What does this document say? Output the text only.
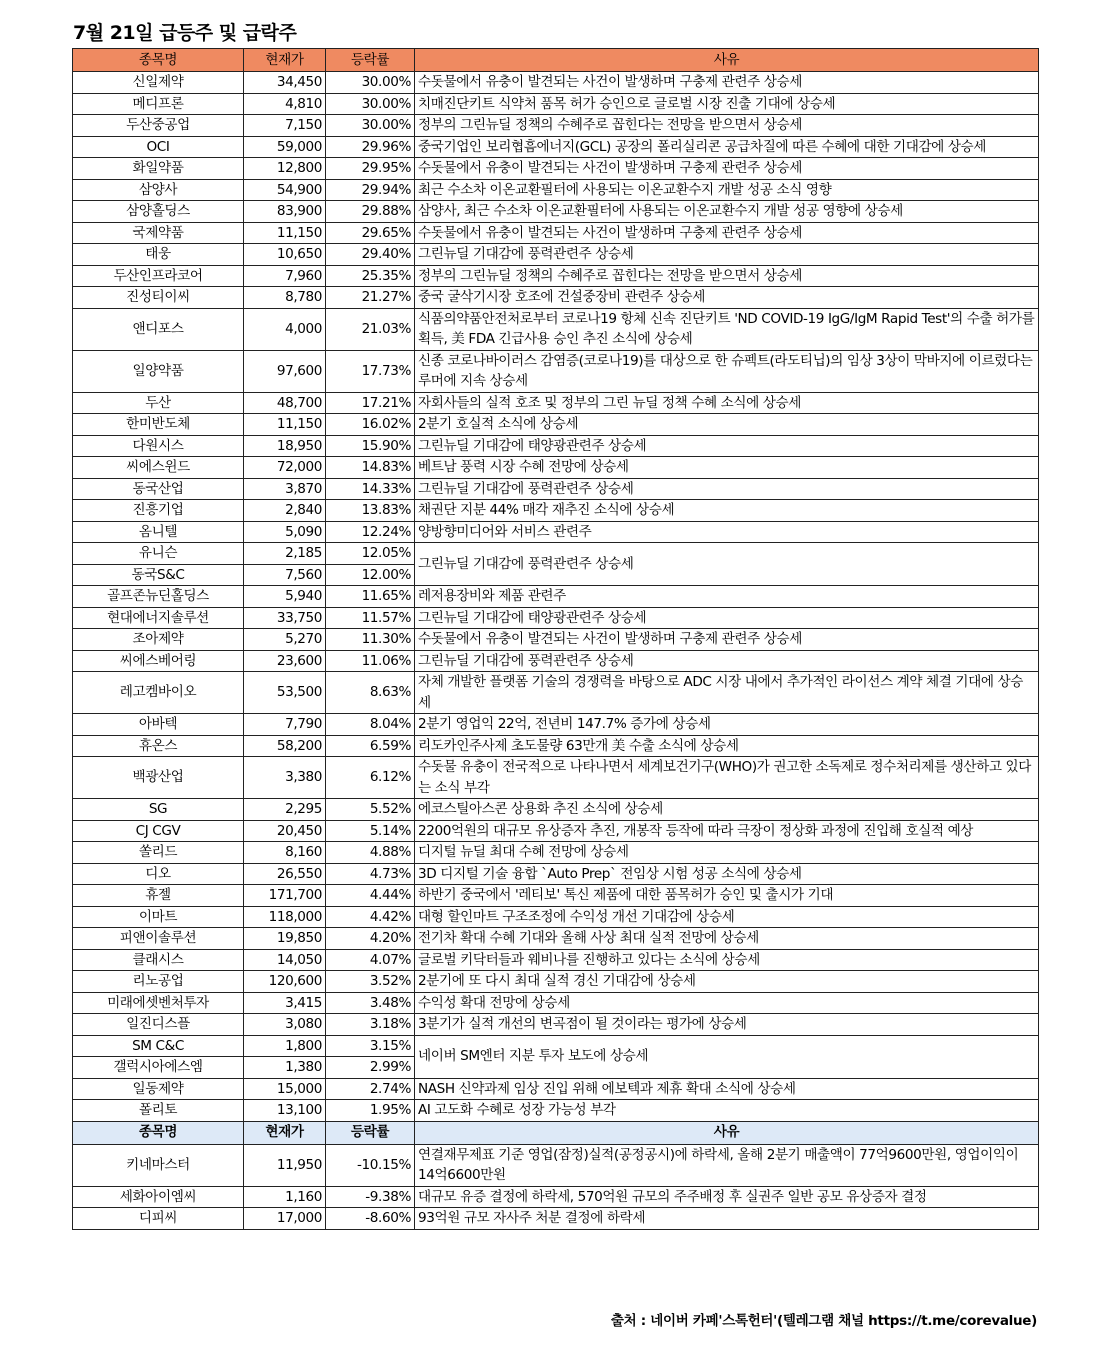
7월 21일 급등주 및 급락주
종목명	현재가	등락률	사유
신일제약	34,450	30.00%	수돗물에서 유충이 발견되는 사건이 발생하며 구충제 관련주 상승세
메디프론	4,810	30.00%	치매진단키트 식약처 품목 허가 승인으로 글로벌 시장 진출 기대에 상승세
두산중공업	7,150	30.00%	정부의 그린뉴딜 정책의 수혜주로 꼽힌다는 전망을 받으면서 상승세
OCI	59,000	29.96%	중국기업인 보리협흠에너지(GCL) 공장의 폴리실리콘 공급차질에 따른 수혜에 대한 기대감에 상승세
화일약품	12,800	29.95%	수돗물에서 유충이 발견되는 사건이 발생하며 구충제 관련주 상승세
삼양사	54,900	29.94%	최근 수소차 이온교환필터에 사용되는 이온교환수지 개발 성공 소식 영향
삼양홀딩스	83,900	29.88%	삼양사, 최근 수소차 이온교환필터에 사용되는 이온교환수지 개발 성공 영향에 상승세
국제약품	11,150	29.65%	수돗물에서 유충이 발견되는 사건이 발생하며 구충제 관련주 상승세
태웅	10,650	29.40%	그린뉴딜 기대감에 풍력관련주 상승세
두산인프라코어	7,960	25.35%	정부의 그린뉴딜 정책의 수혜주로 꼽힌다는 전망을 받으면서 상승세
진성티이씨	8,780	21.27%	중국 굴삭기시장 호조에 건설중장비 관련주 상승세
앤디포스	4,000	21.03%	식품의약품안전처로부터 코로나19 항체 신속 진단키트 'ND COVID-19 IgG/IgM Rapid Test'의 수출 허가를 획득, 美 FDA 긴급사용 승인 추진 소식에 상승세
일양약품	97,600	17.73%	신종 코로나바이러스 감염증(코로나19)를 대상으로 한 슈펙트(라도티닙)의 임상 3상이 막바지에 이르렀다는 루머에 지속 상승세
두산	48,700	17.21%	자회사들의 실적 호조 및 정부의 그린 뉴딜 정책 수혜 소식에 상승세
한미반도체	11,150	16.02%	2분기 호실적 소식에 상승세
다원시스	18,950	15.90%	그린뉴딜 기대감에 태양광관련주 상승세
씨에스윈드	72,000	14.83%	베트남 풍력 시장 수혜 전망에 상승세
동국산업	3,870	14.33%	그린뉴딜 기대감에 풍력관련주 상승세
진흥기업	2,840	13.83%	채권단 지분 44% 매각 재추진 소식에 상승세
옴니텔	5,090	12.24%	양방향미디어와 서비스 관련주
유니슨	2,185	12.05%	그린뉴딜 기대감에 풍력관련주 상승세
동국S&C	7,560	12.00%	
골프존뉴딘홀딩스	5,940	11.65%	레저용장비와 제품 관련주
현대에너지솔루션	33,750	11.57%	그린뉴딜 기대감에 태양광관련주 상승세
조아제약	5,270	11.30%	수돗물에서 유충이 발견되는 사건이 발생하며 구충제 관련주 상승세
씨에스베어링	23,600	11.06%	그린뉴딜 기대감에 풍력관련주 상승세
레고켐바이오	53,500	8.63%	자체 개발한 플랫폼 기술의 경쟁력을 바탕으로 ADC 시장 내에서 추가적인 라이선스 계약 체결 기대에 상승세
아바텍	7,790	8.04%	2분기 영업익 22억, 전년비 147.7% 증가에 상승세
휴온스	58,200	6.59%	리도카인주사제 초도물량 63만개 美 수출 소식에 상승세
백광산업	3,380	6.12%	수돗물 유충이 전국적으로 나타나면서 세계보건기구(WHO)가 권고한 소독제로 정수처리제를 생산하고 있다는 소식 부각
SG	2,295	5.52%	에코스틸아스콘 상용화 추진 소식에 상승세
CJ CGV	20,450	5.14%	2200억원의 대규모 유상증자 추진, 개봉작 등작에 따라 극장이 정상화 과정에 진입해 호실적 예상
쏠리드	8,160	4.88%	디지털 뉴딜 최대 수혜 전망에 상승세
디오	26,550	4.73%	3D 디지털 기술 융합 `Auto Prep` 전임상 시험 성공 소식에 상승세
휴젤	171,700	4.44%	하반기 중국에서 '레티보' 톡신 제품에 대한 품목허가 승인 및 출시가 기대
이마트	118,000	4.42%	대형 할인마트 구조조정에 수익성 개선 기대감에 상승세
피앤이솔루션	19,850	4.20%	전기차 확대 수혜 기대와 올해 사상 최대 실적 전망에 상승세
클래시스	14,050	4.07%	글로벌 키닥터들과 웨비나를 진행하고 있다는 소식에 상승세
리노공업	120,600	3.52%	2분기에 또 다시 최대 실적 경신 기대감에 상승세
미래에셋벤처투자	3,415	3.48%	수익성 확대 전망에 상승세
일진디스플	3,080	3.18%	3분기가 실적 개선의 변곡점이 될 것이라는 평가에 상승세
SM C&C	1,800	3.15%	네이버 SM엔터 지분 투자 보도에 상승세
갤럭시아에스엠	1,380	2.99%	
일동제약	15,000	2.74%	NASH 신약과제 임상 진입 위해 에보텍과 제휴 확대 소식에 상승세
폴리토	13,100	1.95%	AI 고도화 수혜로 성장 가능성 부각
종목명	현재가	등락률	사유
키네마스터	11,950	-10.15%	연결재무제표 기준 영업(잠정)실적(공정공시)에 하락세, 올해 2분기 매출액이 77억9600만원, 영업이익이 14억6600만원
세화아이엠씨	1,160	-9.38%	대규모 유증 결정에 하락세, 570억원 규모의 주주배정 후 실권주 일반 공모 유상증자 결정
디피씨	17,000	-8.60%	93억원 규모 자사주 처분 결정에 하락세
출처 : 네이버 카페'스톡헌터'(텔레그램 채널 https://t.me/corevalue)
